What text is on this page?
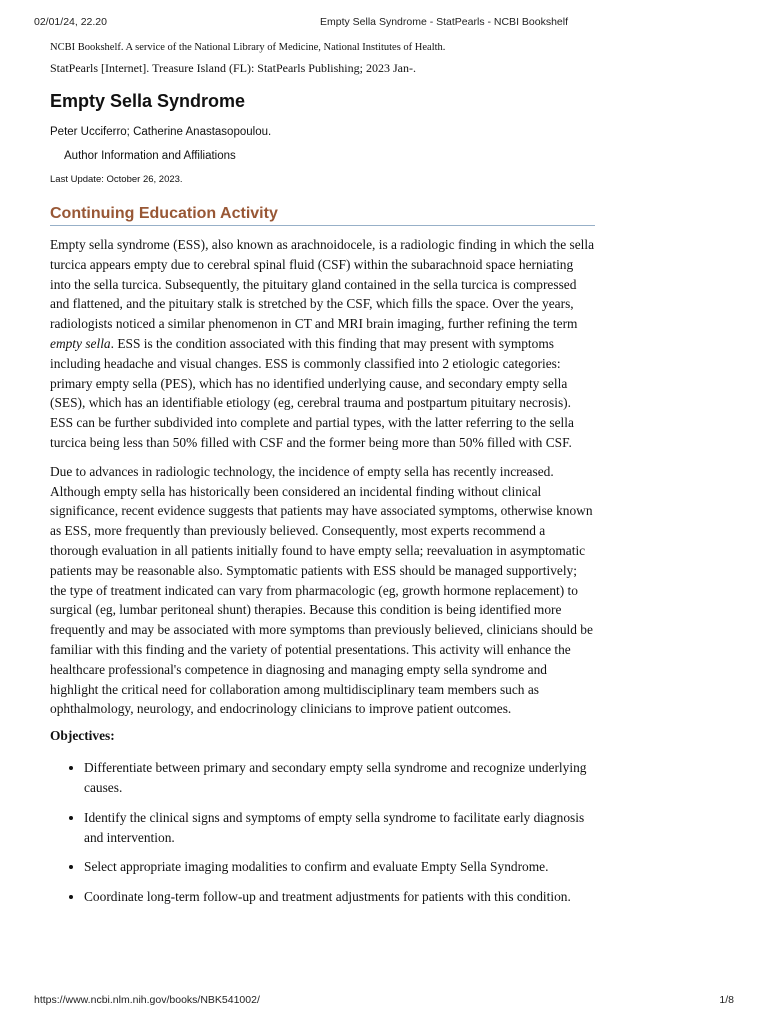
02/01/24, 22.20	Empty Sella Syndrome - StatPearls - NCBI Bookshelf
NCBI Bookshelf. A service of the National Library of Medicine, National Institutes of Health.
StatPearls [Internet]. Treasure Island (FL): StatPearls Publishing; 2023 Jan-.
Empty Sella Syndrome
Peter Ucciferro; Catherine Anastasopoulou.
Author Information and Affiliations
Last Update: October 26, 2023.
Continuing Education Activity

Empty sella syndrome (ESS), also known as arachnoidocele, is a radiologic finding in which the sella turcica appears empty due to cerebral spinal fluid (CSF) within the subarachnoid space herniating into the sella turcica. Subsequently, the pituitary gland contained in the sella turcica is compressed and flattened, and the pituitary stalk is stretched by the CSF, which fills the space. Over the years, radiologists noticed a similar phenomenon in CT and MRI brain imaging, further refining the term empty sella. ESS is the condition associated with this finding that may present with symptoms including headache and visual changes. ESS is commonly classified into 2 etiologic categories: primary empty sella (PES), which has no identified underlying cause, and secondary empty sella (SES), which has an identifiable etiology (eg, cerebral trauma and postpartum pituitary necrosis). ESS can be further subdivided into complete and partial types, with the latter referring to the sella turcica being less than 50% filled with CSF and the former being more than 50% filled with CSF.

Due to advances in radiologic technology, the incidence of empty sella has recently increased. Although empty sella has historically been considered an incidental finding without clinical significance, recent evidence suggests that patients may have associated symptoms, otherwise known as ESS, more frequently than previously believed. Consequently, most experts recommend a thorough evaluation in all patients initially found to have empty sella; reevaluation in asymptomatic patients may be reasonable also. Symptomatic patients with ESS should be managed supportively; the type of treatment indicated can vary from pharmacologic (eg, growth hormone replacement) to surgical (eg, lumbar peritoneal shunt) therapies. Because this condition is being identified more frequently and may be associated with more symptoms than previously believed, clinicians should be familiar with this finding and the variety of potential presentations. This activity will enhance the healthcare professional's competence in diagnosing and managing empty sella syndrome and highlight the critical need for collaboration among multidisciplinary team members such as ophthalmology, neurology, and endocrinology clinicians to improve patient outcomes.

Objectives:
• Differentiate between primary and secondary empty sella syndrome and recognize underlying causes.
• Identify the clinical signs and symptoms of empty sella syndrome to facilitate early diagnosis and intervention.
• Select appropriate imaging modalities to confirm and evaluate Empty Sella Syndrome.
• Coordinate long-term follow-up and treatment adjustments for patients with this condition.
https://www.ncbi.nlm.nih.gov/books/NBK541002/	1/8
